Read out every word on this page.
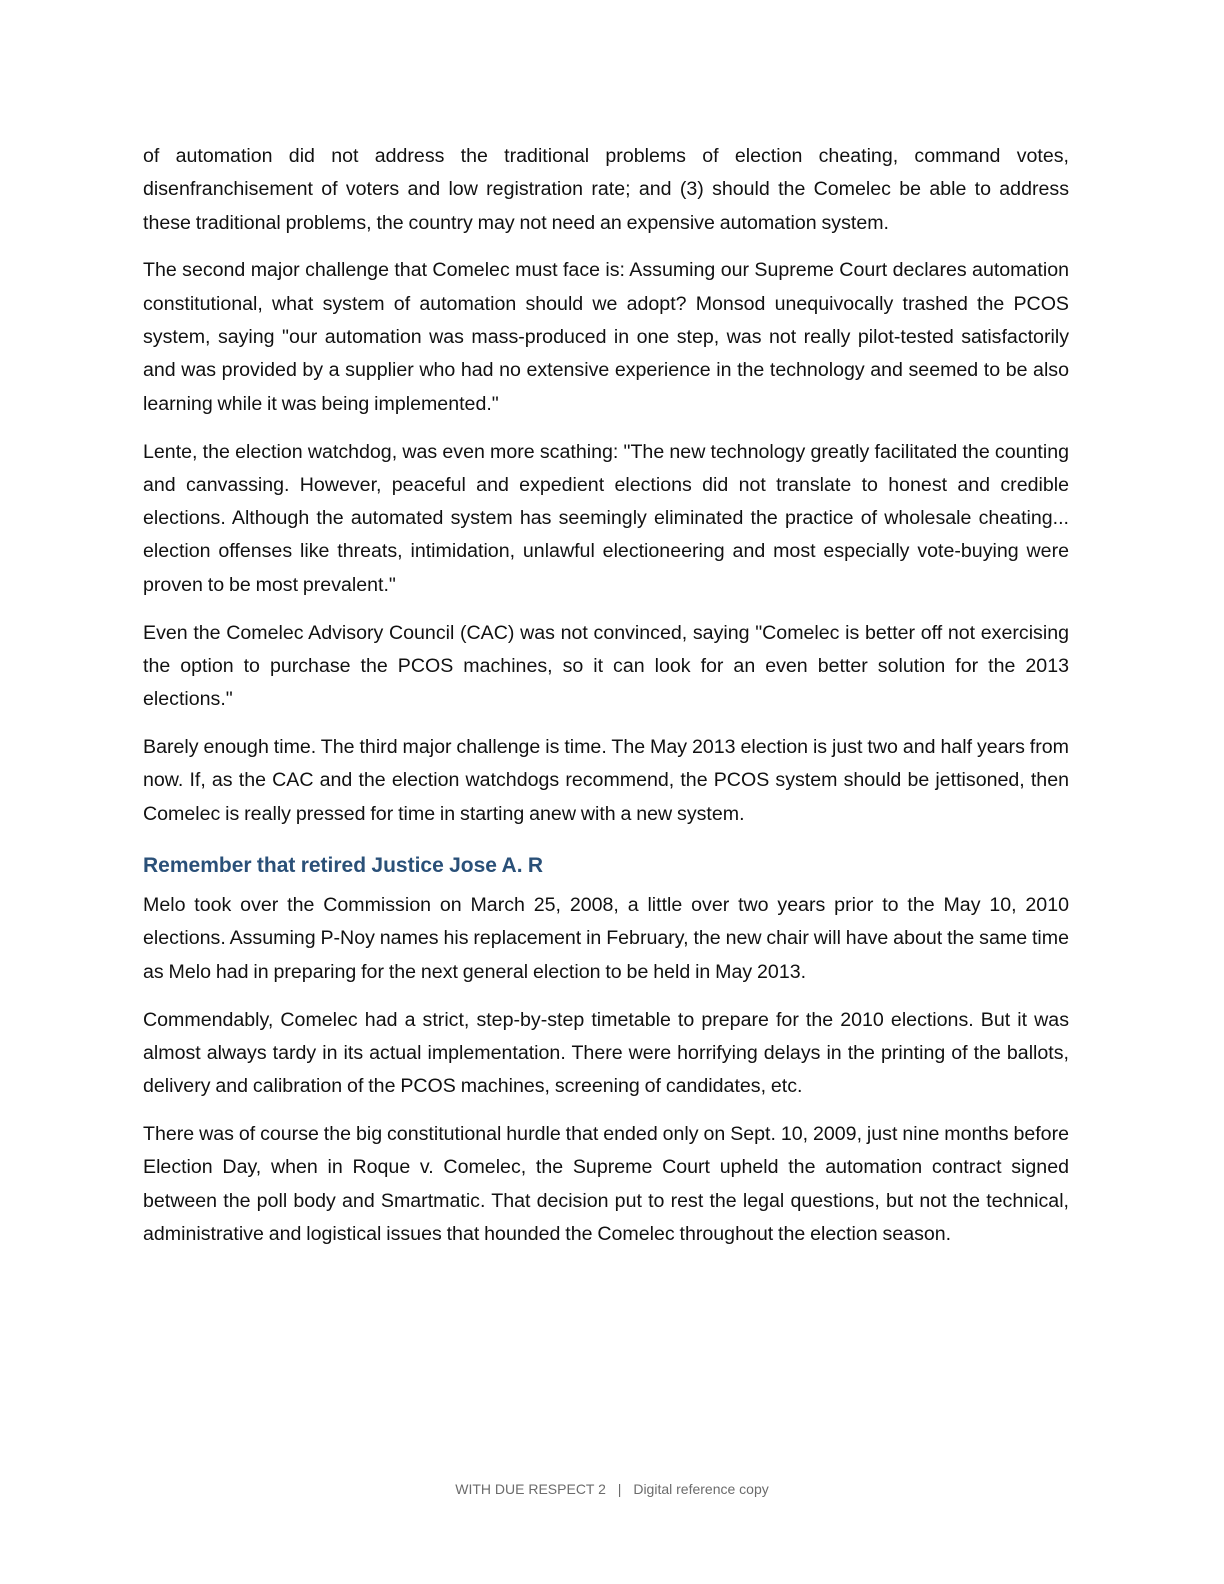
of automation did not address the traditional problems of election cheating, command votes, disenfranchisement of voters and low registration rate; and (3) should the Comelec be able to address these traditional problems, the country may not need an expensive automation system.

The second major challenge that Comelec must face is: Assuming our Supreme Court declares automation constitutional, what system of automation should we adopt? Monsod unequivocally trashed the PCOS system, saying "our automation was mass-produced in one step, was not really pilot-tested satisfactorily and was provided by a supplier who had no extensive experience in the technology and seemed to be also learning while it was being implemented."

Lente, the election watchdog, was even more scathing: "The new technology greatly facilitated the counting and canvassing. However, peaceful and expedient elections did not translate to honest and credible elections. Although the automated system has seemingly eliminated the practice of wholesale cheating... election offenses like threats, intimidation, unlawful electioneering and most especially vote-buying were proven to be most prevalent."

Even the Comelec Advisory Council (CAC) was not convinced, saying "Comelec is better off not exercising the option to purchase the PCOS machines, so it can look for an even better solution for the 2013 elections."

Barely enough time. The third major challenge is time. The May 2013 election is just two and half years from now. If, as the CAC and the election watchdogs recommend, the PCOS system should be jettisoned, then Comelec is really pressed for time in starting anew with a new system.

Remember that retired Justice Jose A. R

Melo took over the Commission on March 25, 2008, a little over two years prior to the May 10, 2010 elections. Assuming P-Noy names his replacement in February, the new chair will have about the same time as Melo had in preparing for the next general election to be held in May 2013.

Commendably, Comelec had a strict, step-by-step timetable to prepare for the 2010 elections. But it was almost always tardy in its actual implementation. There were horrifying delays in the printing of the ballots, delivery and calibration of the PCOS machines, screening of candidates, etc.

There was of course the big constitutional hurdle that ended only on Sept. 10, 2009, just nine months before Election Day, when in Roque v. Comelec, the Supreme Court upheld the automation contract signed between the poll body and Smartmatic. That decision put to rest the legal questions, but not the technical, administrative and logistical issues that hounded the Comelec throughout the election season.

WITH DUE RESPECT 2 | Digital reference copy
